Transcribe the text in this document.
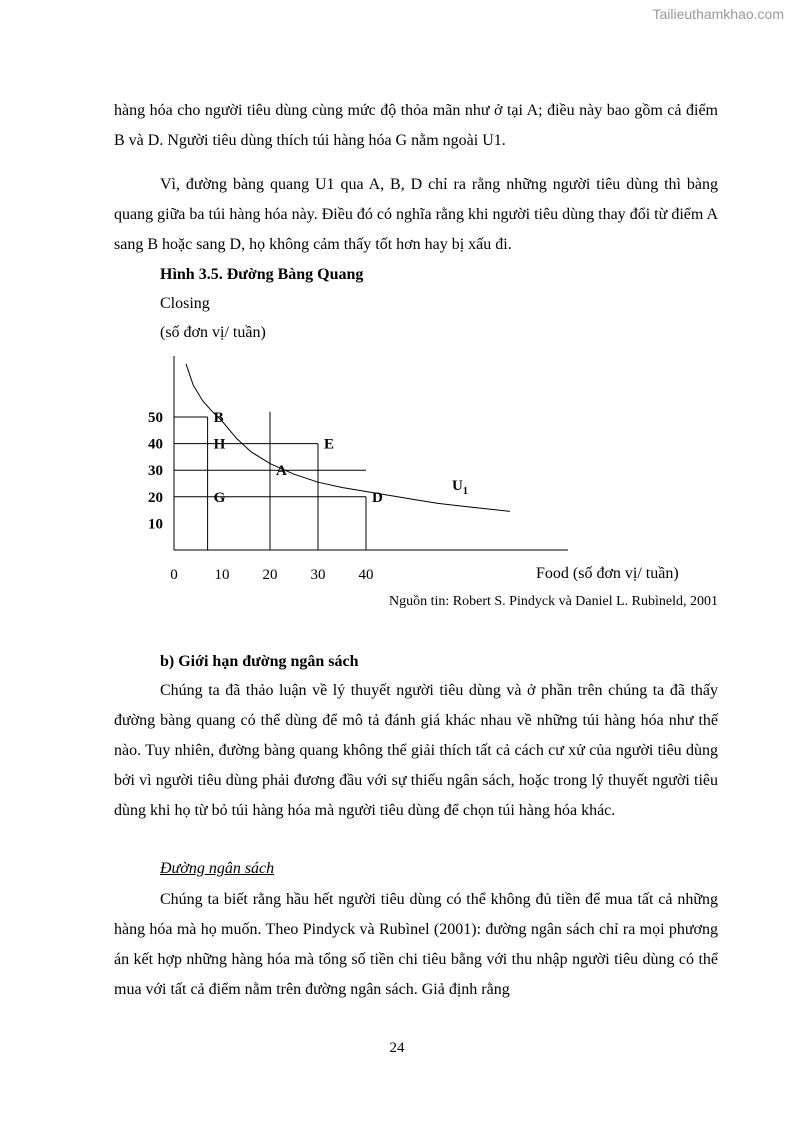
Tailieuthamkhao.com

hàng hóa cho người tiêu dùng cùng mức độ thỏa mãn như ở tại A; điều này bao gồm cả điểm B và D. Người tiêu dùng thích túi hàng hóa G nằm ngoài U1.

Vì, đường bàng quang U1 qua A, B, D chỉ ra rằng những người tiêu dùng thì bàng quang giữa ba túi hàng hóa này. Điều đó có nghĩa rằng khi người tiêu dùng thay đổi từ điểm A sang B hoặc sang D, họ không cảm thấy tốt hơn hay bị xấu đi.

Hình 3.5. Đường Bàng Quang
Closing
(số đơn vị/ tuần)
50
40
30
20
10
0 10 20 30 40
B
H	E
A
G	D
$U_1$
Food (số đơn vị/ tuần)
Nguồn tin: Robert S. Pindyck và Daniel L. Rubìneld, 2001
b) Giới hạn đường ngân sách

Chúng ta đã thảo luận về lý thuyết người tiêu dùng và ở phần trên chúng ta đã thấy đường bàng quang có thể dùng để mô tả đánh giá khác nhau về những túi hàng hóa như thế nào. Tuy nhiên, đường bàng quang không thể giải thích tất cả cách cư xử của người tiêu dùng bởi vì người tiêu dùng phải đương đầu với sự thiếu ngân sách, hoặc trong lý thuyết người tiêu dùng khi họ từ bỏ túi hàng hóa mà người tiêu dùng để chọn túi hàng hóa khác.

Đường ngân sách

Chúng ta biết rằng hầu hết người tiêu dùng có thể không đủ tiền để mua tất cả những hàng hóa mà họ muốn. Theo Pindyck và Rubìnel (2001): đường ngân sách chỉ ra mọi phương án kết hợp những hàng hóa mà tổng số tiền chi tiêu bằng với thu nhập người tiêu dùng có thể mua với tất cả điểm nằm trên đường ngân sách. Giả định rằng

24
